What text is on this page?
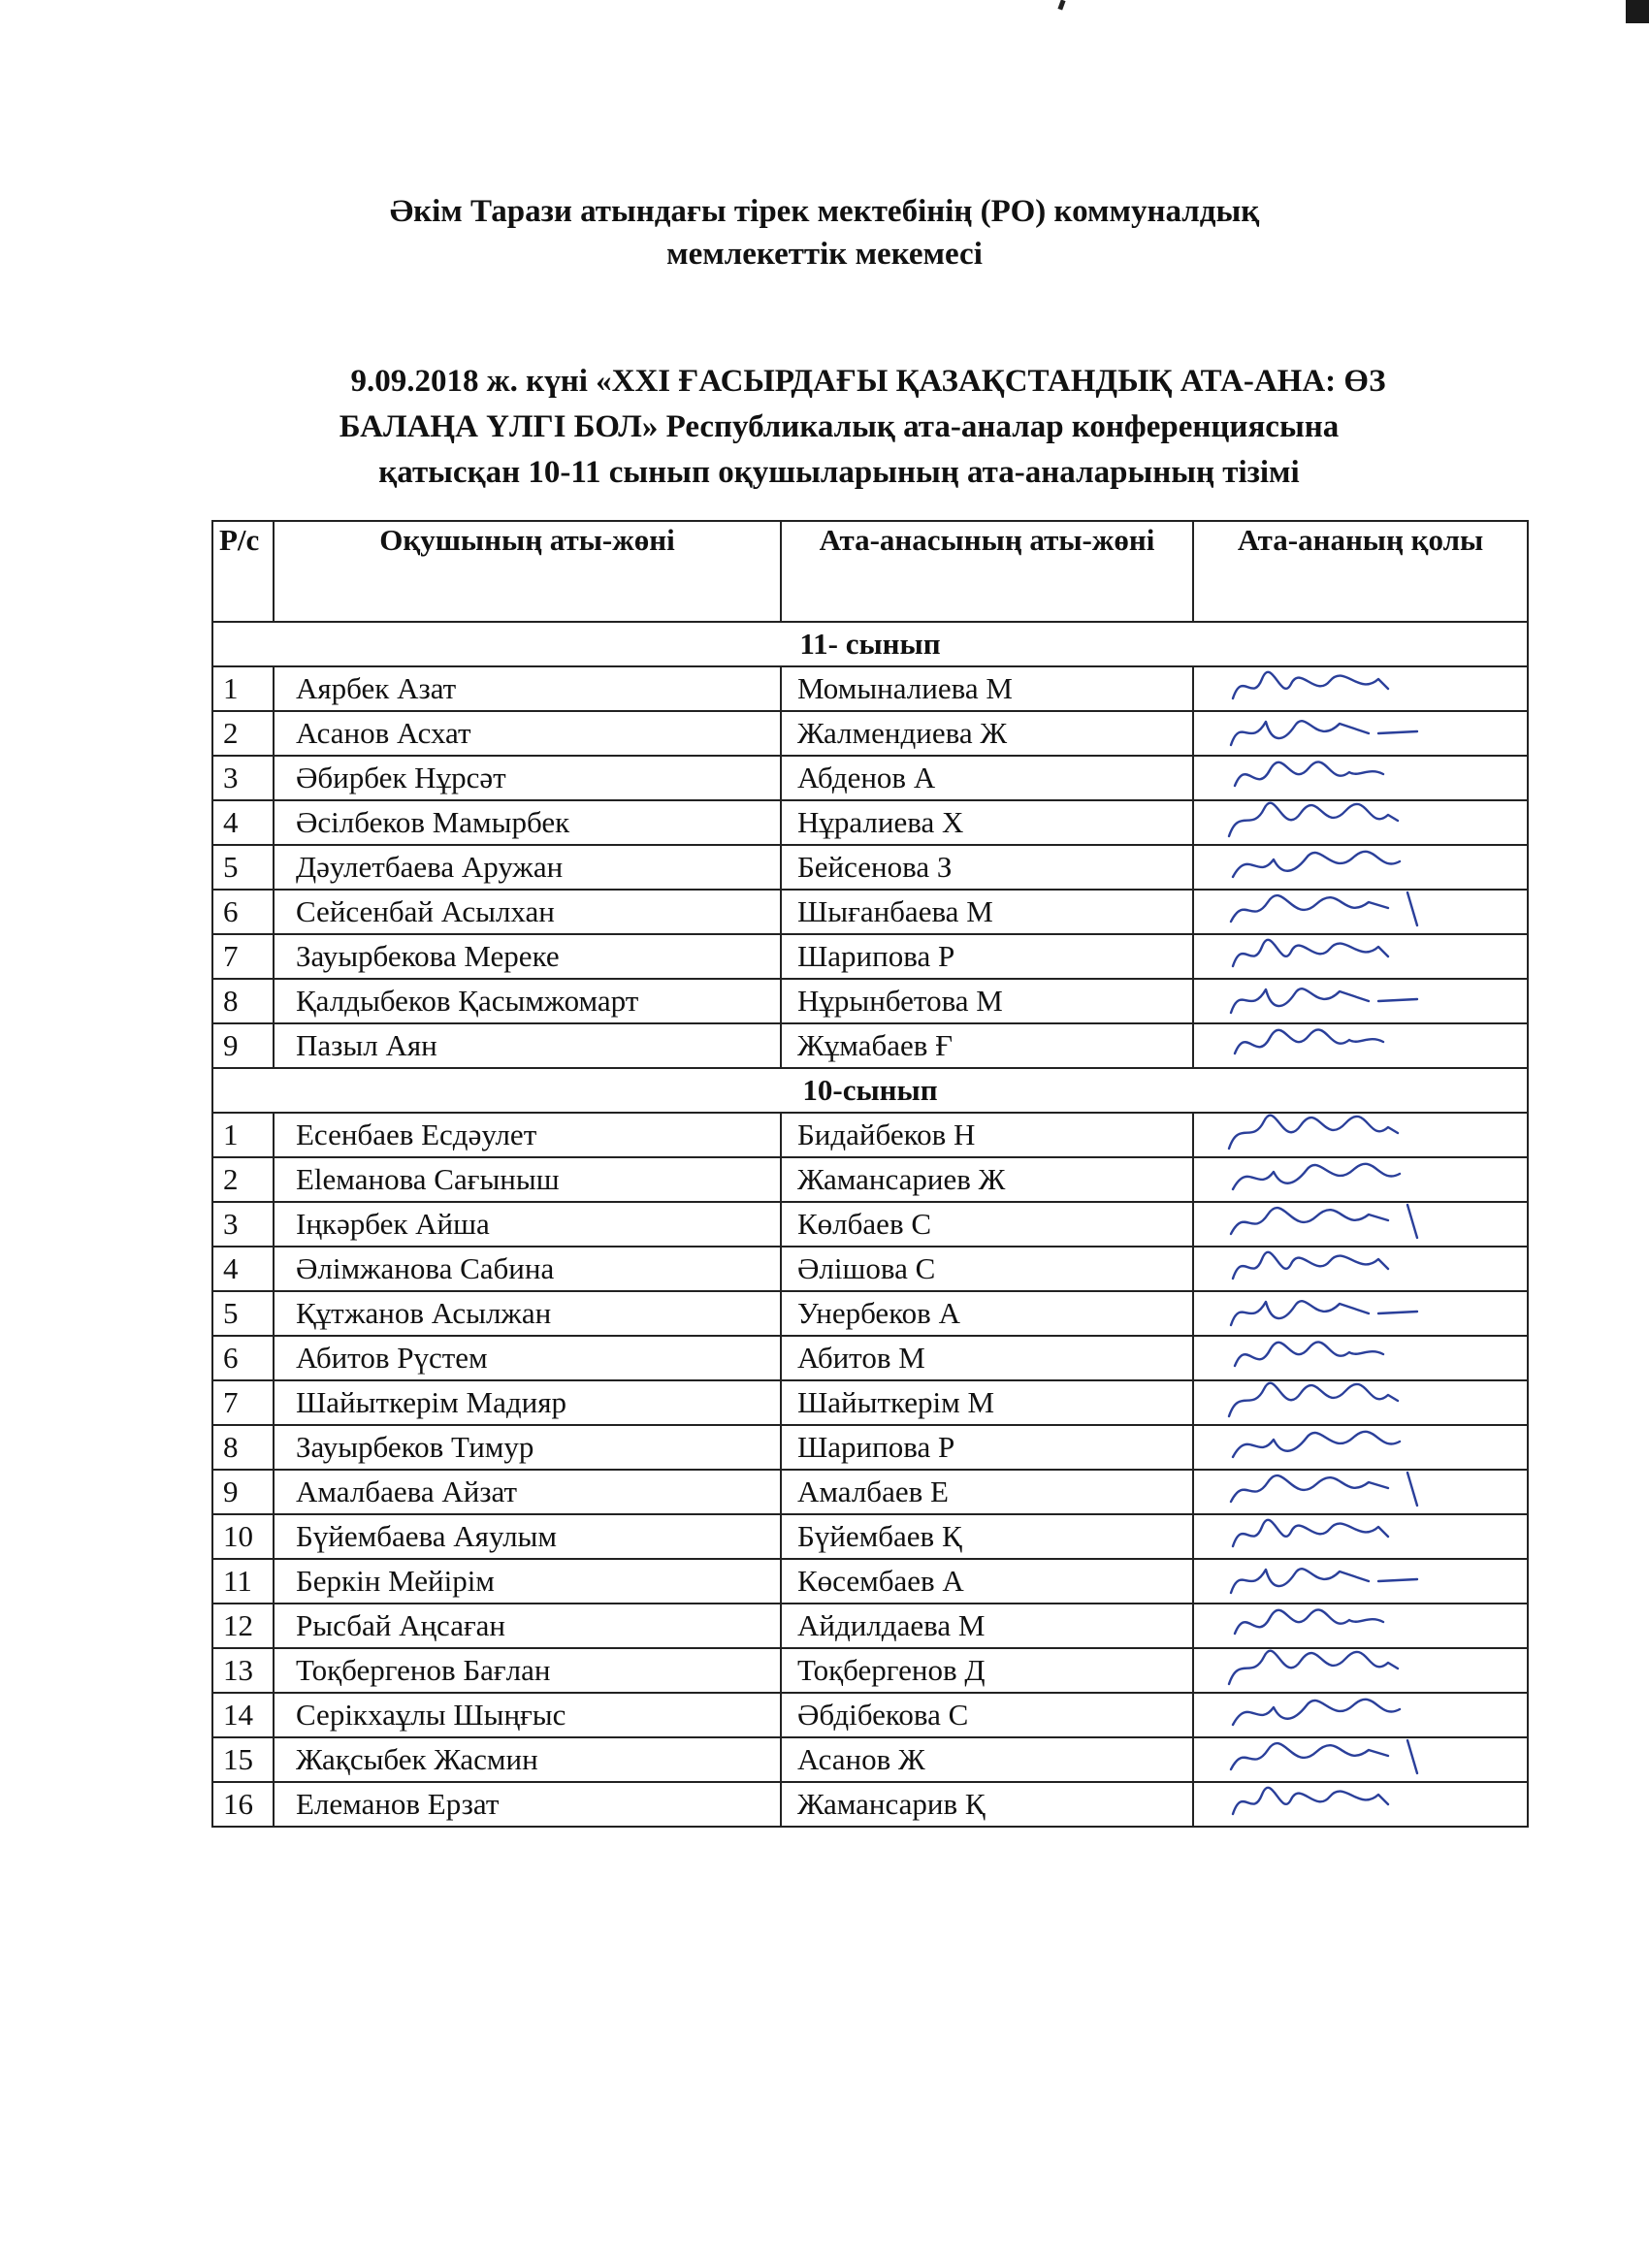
Әкім Тарази атындағы тірек мектебінің (РО) коммуналдық
мемлекеттік мекемесі
9.09.2018 ж. күні «ХХІ ҒАСЫРДАҒЫ ҚАЗАҚСТАНДЫҚ АТА-АНА: ӨЗ
БАЛАҢА ҮЛГІ БОЛ» Республикалық ата-аналар конференциясына
қатысқан 10-11 сынып оқушыларының ата-аналарының тізімі
Р/с	Оқушының аты-жөні	Ата-анасының аты-жөні	Ата-ананың қолы
11- сынып			
1	Аярбек Азат	Момыналиева М	

2	Асанов Асхат	Жалмендиева Ж	

3	Әбирбек Нұрсәт	Абденов А	

4	Әсілбеков Мамырбек	Нұралиева Х	

5	Дәулетбаева Аружан	Бейсенова З	

6	Сейсенбай Асылхан	Шығанбаева М	

7	Зауырбекова Мереке	Шарипова Р	

8	Қалдыбеков Қасымжомарт	Нұрынбетова М	

9	Пазыл Аян	Жұмабаев Ғ	

10-сынып			
1	Есенбаев Есдәулет	Бидайбеков Н	

2	Еleманова Сағыныш	Жамансариев Ж	

3	Іңкәрбек Айша	Көлбаев С	

4	Әлімжанова Сабина	Әлішова С	

5	Құтжанов Асылжан	Унербеков А	

6	Абитов Рүстем	Абитов М	

7	Шайыткерім Мадияр	Шайыткерім М	

8	Зауырбеков Тимур	Шарипова Р	

9	Амалбаева Айзат	Амалбаев Е	

10	Бүйембаева Аяулым	Бүйембаев Қ	

11	Беркін Мейірім	Көсембаев А	

12	Рысбай Аңсаған	Айдилдаева М	

13	Тоқбергенов Бағлан	Тоқбергенов Д	

14	Серікхаұлы Шыңғыс	Әбдібекова С	

15	Жақсыбек Жасмин	Асанов Ж	

16	Елеманов Ерзат	Жамансарив Қ	
